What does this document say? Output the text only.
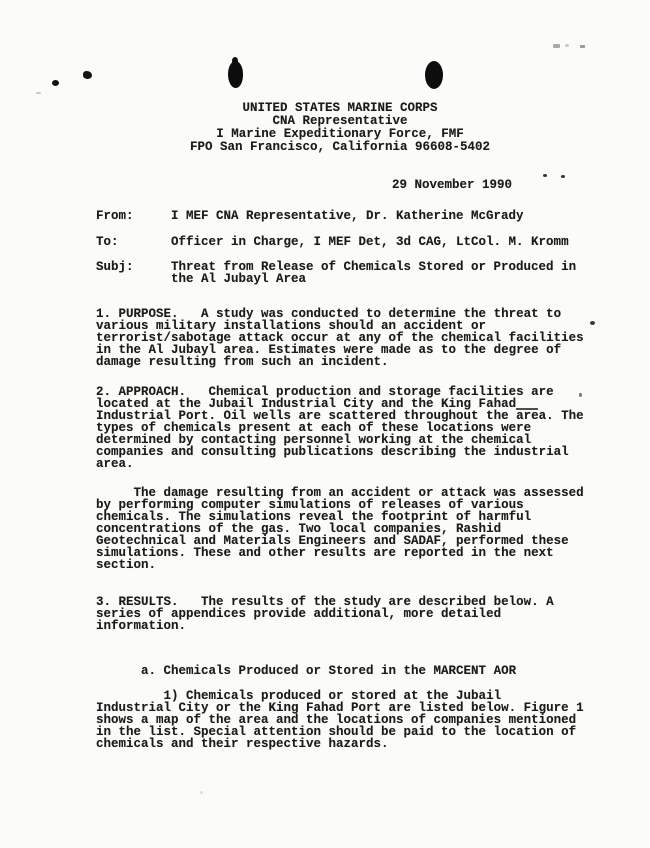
UNITED STATES MARINE CORPS
CNA Representative
I Marine Expeditionary Force, FMF
FPO San Francisco, California 96608-5402
29 November 1990
From:	I MEF CNA Representative, Dr. Katherine McGrady
To:	Officer in Charge, I MEF Det, 3d CAG, LtCol. M. Kromm
Subj:	Threat from Release of Chemicals Stored or Produced in
the Al Jubayl Area
1. PURPOSE.   A study was conducted to determine the threat to
various military installations should an accident or
terrorist/sabotage attack occur at any of the chemical facilities
in the Al Jubayl area. Estimates were made as to the degree of
damage resulting from such an incident.
2. APPROACH.   Chemical production and storage facilities are
located at the Jubail Industrial City and the King Fahad
Industrial Port. Oil wells are scattered throughout the area. The
types of chemicals present at each of these locations were
determined by contacting personnel working at the chemical
companies and consulting publications describing the industrial
area.
The damage resulting from an accident or attack was assessed
by performing computer simulations of releases of various
chemicals. The simulations reveal the footprint of harmful
concentrations of the gas. Two local companies, Rashid
Geotechnical and Materials Engineers and SADAF, performed these
simulations. These and other results are reported in the next
section.
3. RESULTS.   The results of the study are described below. A
series of appendices provide additional, more detailed
information.
a. Chemicals Produced or Stored in the MARCENT AOR
1) Chemicals produced or stored at the Jubail
Industrial City or the King Fahad Port are listed below. Figure 1
shows a map of the area and the locations of companies mentioned
in the list. Special attention should be paid to the location of
chemicals and their respective hazards.
